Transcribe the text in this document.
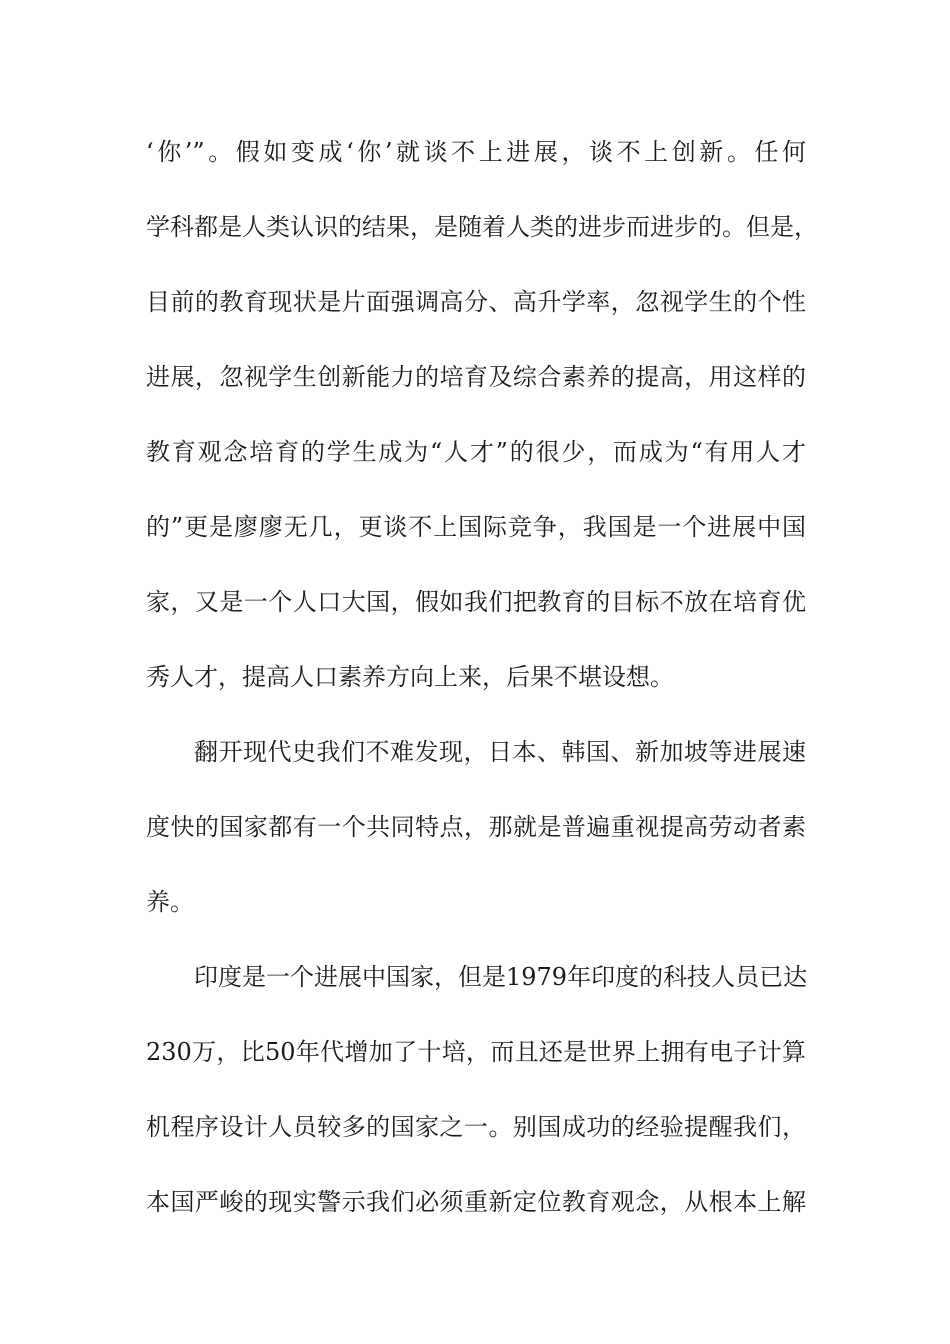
‘你’”。假如变成‘你’就谈不上进展，谈不上创新。任何
学科都是人类认识的结果，是随着人类的进步而进步的。但是，
目前的教育现状是片面强调高分、高升学率，忽视学生的个性
进展，忽视学生创新能力的培育及综合素养的提高，用这样的
教育观念培育的学生成为“人才”的很少，而成为“有用人才
的”更是廖廖无几，更谈不上国际竞争，我国是一个进展中国
家，又是一个人口大国，假如我们把教育的目标不放在培育优
秀人才，提高人口素养方向上来，后果不堪设想。
翻开现代史我们不难发现，日本、韩国、新加坡等进展速
度快的国家都有一个共同特点，那就是普遍重视提高劳动者素
养。
印度是一个进展中国家，但是1979年印度的科技人员已达
230万，比50年代增加了十培，而且还是世界上拥有电子计算
机程序设计人员较多的国家之一。别国成功的经验提醒我们，
本国严峻的现实警示我们必须重新定位教育观念，从根本上解
